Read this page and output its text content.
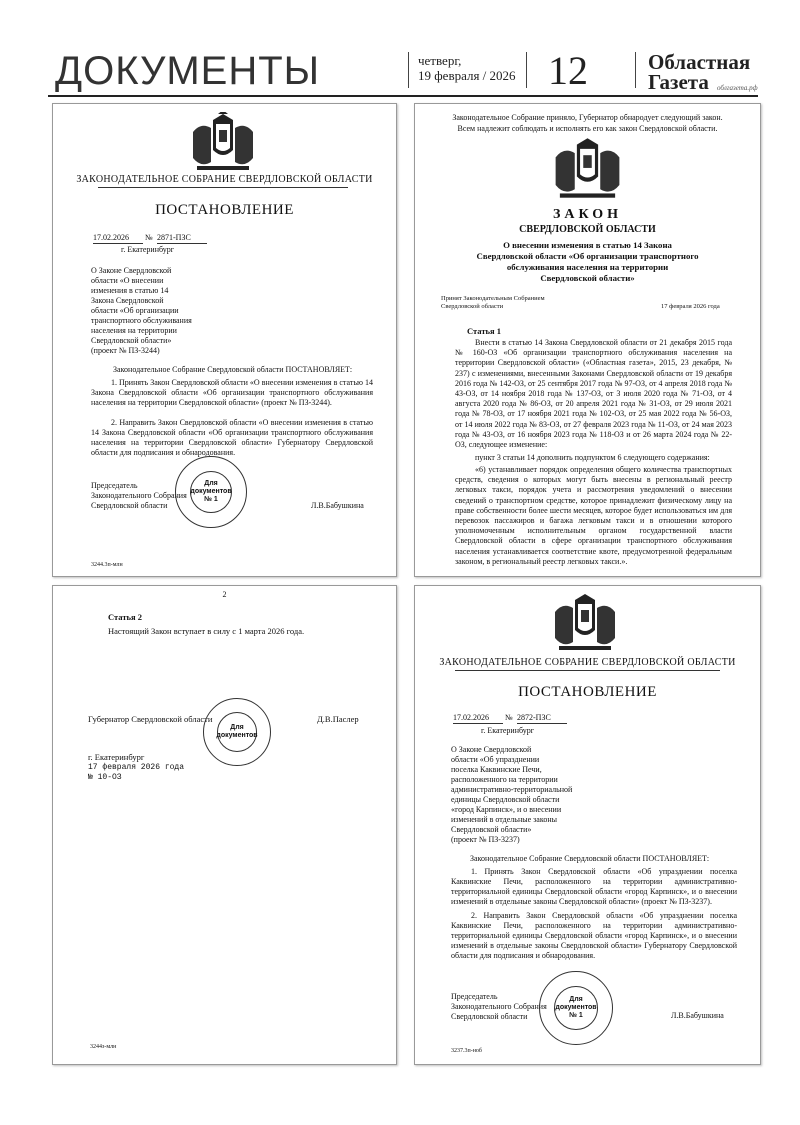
ДОКУМЕНТЫ	четверг,
19 февраля / 2026 12	Областная
Газета	облгазета.рф
ЗАКОНОДАТЕЛЬНОЕ СОБРАНИЕ СВЕРДЛОВСКОЙ ОБЛАСТИ
ПОСТАНОВЛЕНИЕ
17.02.2026	№ 2871-ПЗС
г. Екатеринбург
О Законе Свердловской
области «О внесении
изменения в статью 14
Закона Свердловской
области «Об организации
транспортного обслуживания
населения на территории
Свердловской области»
(проект № ПЗ-3244)
Законодательное Собрание Свердловской области ПОСТАНОВЛЯЕТ:
1. Принять Закон Свердловской области «О внесении изменения в статью 14 Закона Свердловской области «Об организации транспортного обслуживания населения на территории Свердловской области» (проект № ПЗ-3244).
2. Направить Закон Свердловской области «О внесении изменения в статью 14 Закона Свердловской области «Об организации транспортного обслуживания населения на территории Свердловской области» Губернатору Свердловской области для подписания и обнародования.
Председатель
Законодательного Собрания
Свердловской области
Для документов № 1
Л.В.Бабушкина
3244.3п-млн
Законодательное Собрание приняло, Губернатор обнародует следующий закон.
Всем надлежит соблюдать и исполнять его как закон Свердловской области.
ЗАКОН
СВЕРДЛОВСКОЙ ОБЛАСТИ
О внесении изменения в статью 14 Закона
Свердловской области «Об организации транспортного
обслуживания населения на территории
Свердловской области»
Принят Законодательным Собранием
Свердловской области	17 февраля 2026 года
Статья 1
Внести в статью 14 Закона Свердловской области от 21 декабря 2015 года № 160-ОЗ «Об организации транспортного обслуживания населения на территории Свердловской области» («Областная газета», 2015, 23 декабря, № 237) с изменениями, внесенными Законами Свердловской области от 19 декабря 2016 года № 142-ОЗ, от 25 сентября 2017 года № 97-ОЗ, от 4 апреля 2018 года № 43-ОЗ, от 14 ноября 2018 года № 137-ОЗ, от 3 июля 2020 года № 71-ОЗ, от 4 августа 2020 года № 86-ОЗ, от 20 апреля 2021 года № 31-ОЗ, от 29 июля 2021 года № 78-ОЗ, от 17 ноября 2021 года № 102-ОЗ, от 25 мая 2022 года № 56-ОЗ, от 14 июля 2022 года № 83-ОЗ, от 27 февраля 2023 года № 11-ОЗ, от 24 мая 2023 года № 43-ОЗ, от 16 ноября 2023 года № 118-ОЗ и от 26 марта 2024 года № 22-ОЗ, следующее изменение:
пункт 3 статьи 14 дополнить подпунктом 6 следующего содержания:
«6) устанавливает порядок определения общего количества транспортных средств, сведения о которых могут быть внесены в региональный реестр легковых такси, порядок учета и рассмотрения уведомлений о внесении сведений о транспортном средстве, которое принадлежит физическому лицу на праве собственности более шести месяцев, которое будет использоваться им для перевозок пассажиров и багажа легковым такси и в отношении которого уполномоченным исполнительным органом государственной власти Свердловской области в сфере организации транспортного обслуживания населения устанавливается соответствие квоте, предусмотренной федеральным законом, в региональный реестр легковых такси.».
2
Статья 2
Настоящий Закон вступает в силу с 1 марта 2026 года.
Губернатор Свердловской области
Для документов
Д.В.Паслер
г. Екатеринбург
17 февраля 2026 года
№ 10-ОЗ
ЗАКОНОДАТЕЛЬНОЕ СОБРАНИЕ СВЕРДЛОВСКОЙ ОБЛАСТИ
ПОСТАНОВЛЕНИЕ
17.02.2026	№ 2872-ПЗС
г. Екатеринбург
О Законе Свердловской
области «Об упразднении
поселка Каквинские Печи,
расположенного на территории
административно-территориальной
единицы Свердловской области
«город Карпинск», и о внесении
изменений в отдельные законы
Свердловской области»
(проект № ПЗ-3237)
Законодательное Собрание Свердловской области ПОСТАНОВЛЯЕТ:
1. Принять Закон Свердловской области «Об упразднении поселка Каквинские Печи, расположенного на территории административно-территориальной единицы Свердловской области «город Карпинск», и о внесении изменений в отдельные законы Свердловской области» (проект № ПЗ-3237).
2. Направить Закон Свердловской области «Об упразднении поселка Каквинские Печи, расположенного на территории административно-территориальной единицы Свердловской области «город Карпинск», и о внесении изменений в отдельные законы Свердловской области» Губернатору Свердловской области для подписания и обнародования.
Председатель
Законодательного Собрания
Свердловской области
Для документов № 1	Л.В.Бабушкина
3237.3п-ноб
3244з-млн
